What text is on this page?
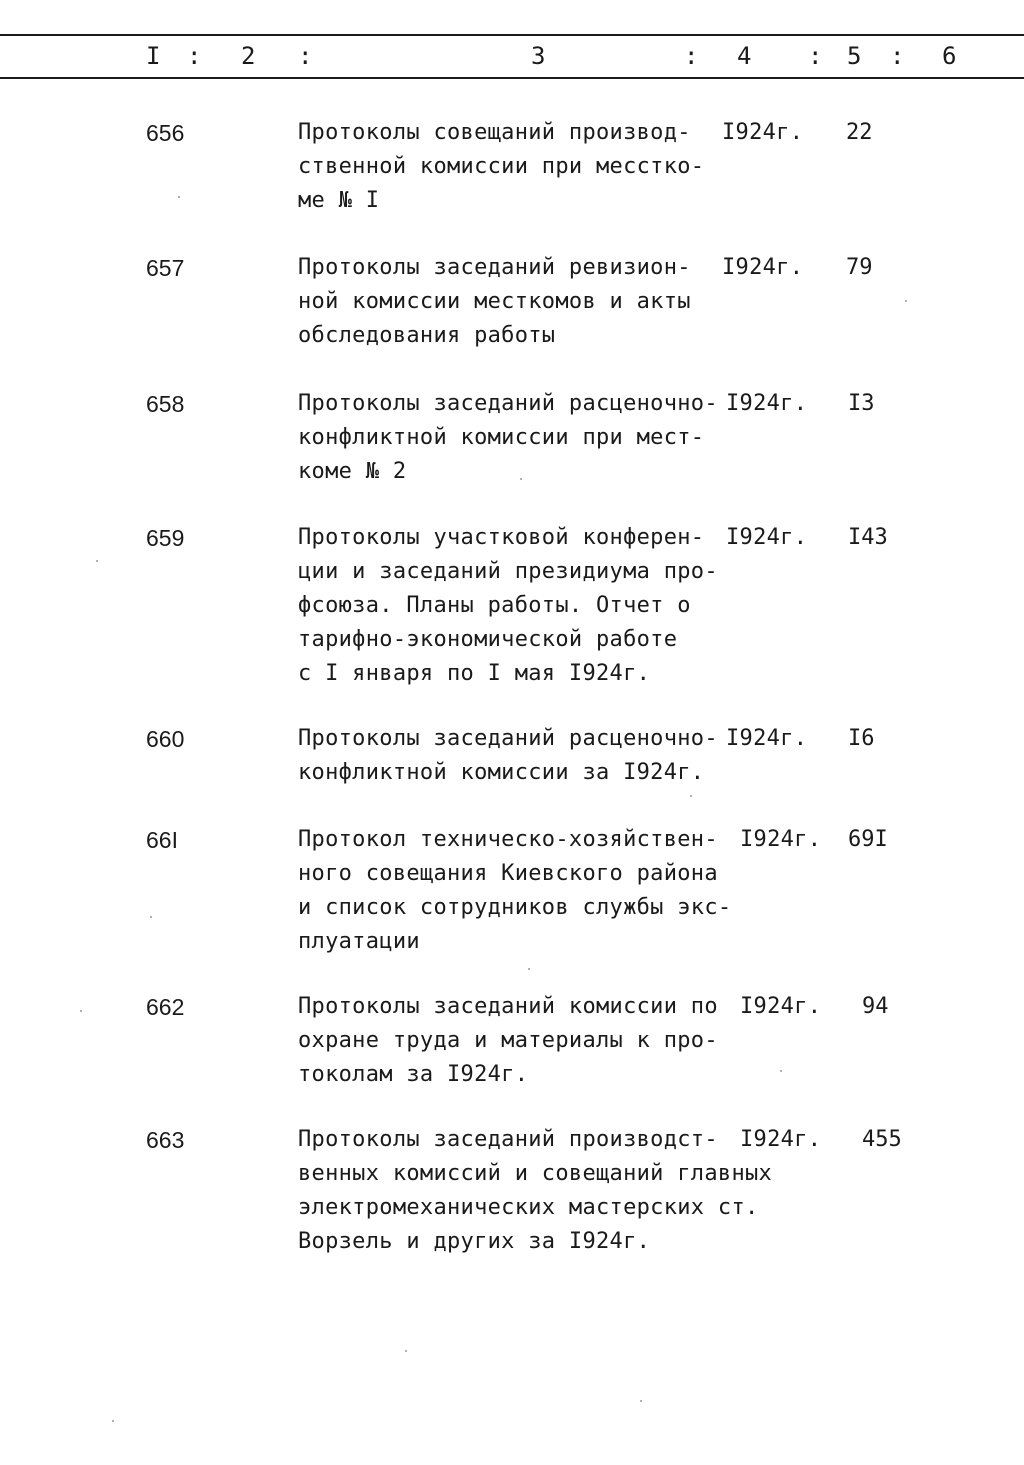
I : 2 :	3	: 4 : 5 : 6
656	Протоколы совещаний производ-
ственной комиссии при месстко-
ме № I
I924г. 22
657	Протоколы заседаний ревизион-
ной комиссии месткомов и акты
обследования работы
I924г. 79
658	Протоколы заседаний расценочно-
конфликтной комиссии при мест-
коме № 2
I924г. I3
659	Протоколы участковой конферен-
ции и заседаний президиума про-
фсоюза. Планы работы. Отчет о
тарифно-экономической работе
с I января по I мая I924г.
I924г. I43
660	Протоколы заседаний расценочно-
конфликтной комиссии за I924г.
I924г. I6
66I	Протокол техническо-хозяйствен-
ного совещания Киевского района
и список сотрудников службы экс-
плуатации
I924г. 69I
662	Протоколы заседаний комиссии по
охране труда и материалы к про-
токолам за I924г.
I924г. 94
663	Протоколы заседаний производст-
венных комиссий и совещаний главных
электромеханических мастерских ст.
Ворзель и других за I924г.
I924г. 455
